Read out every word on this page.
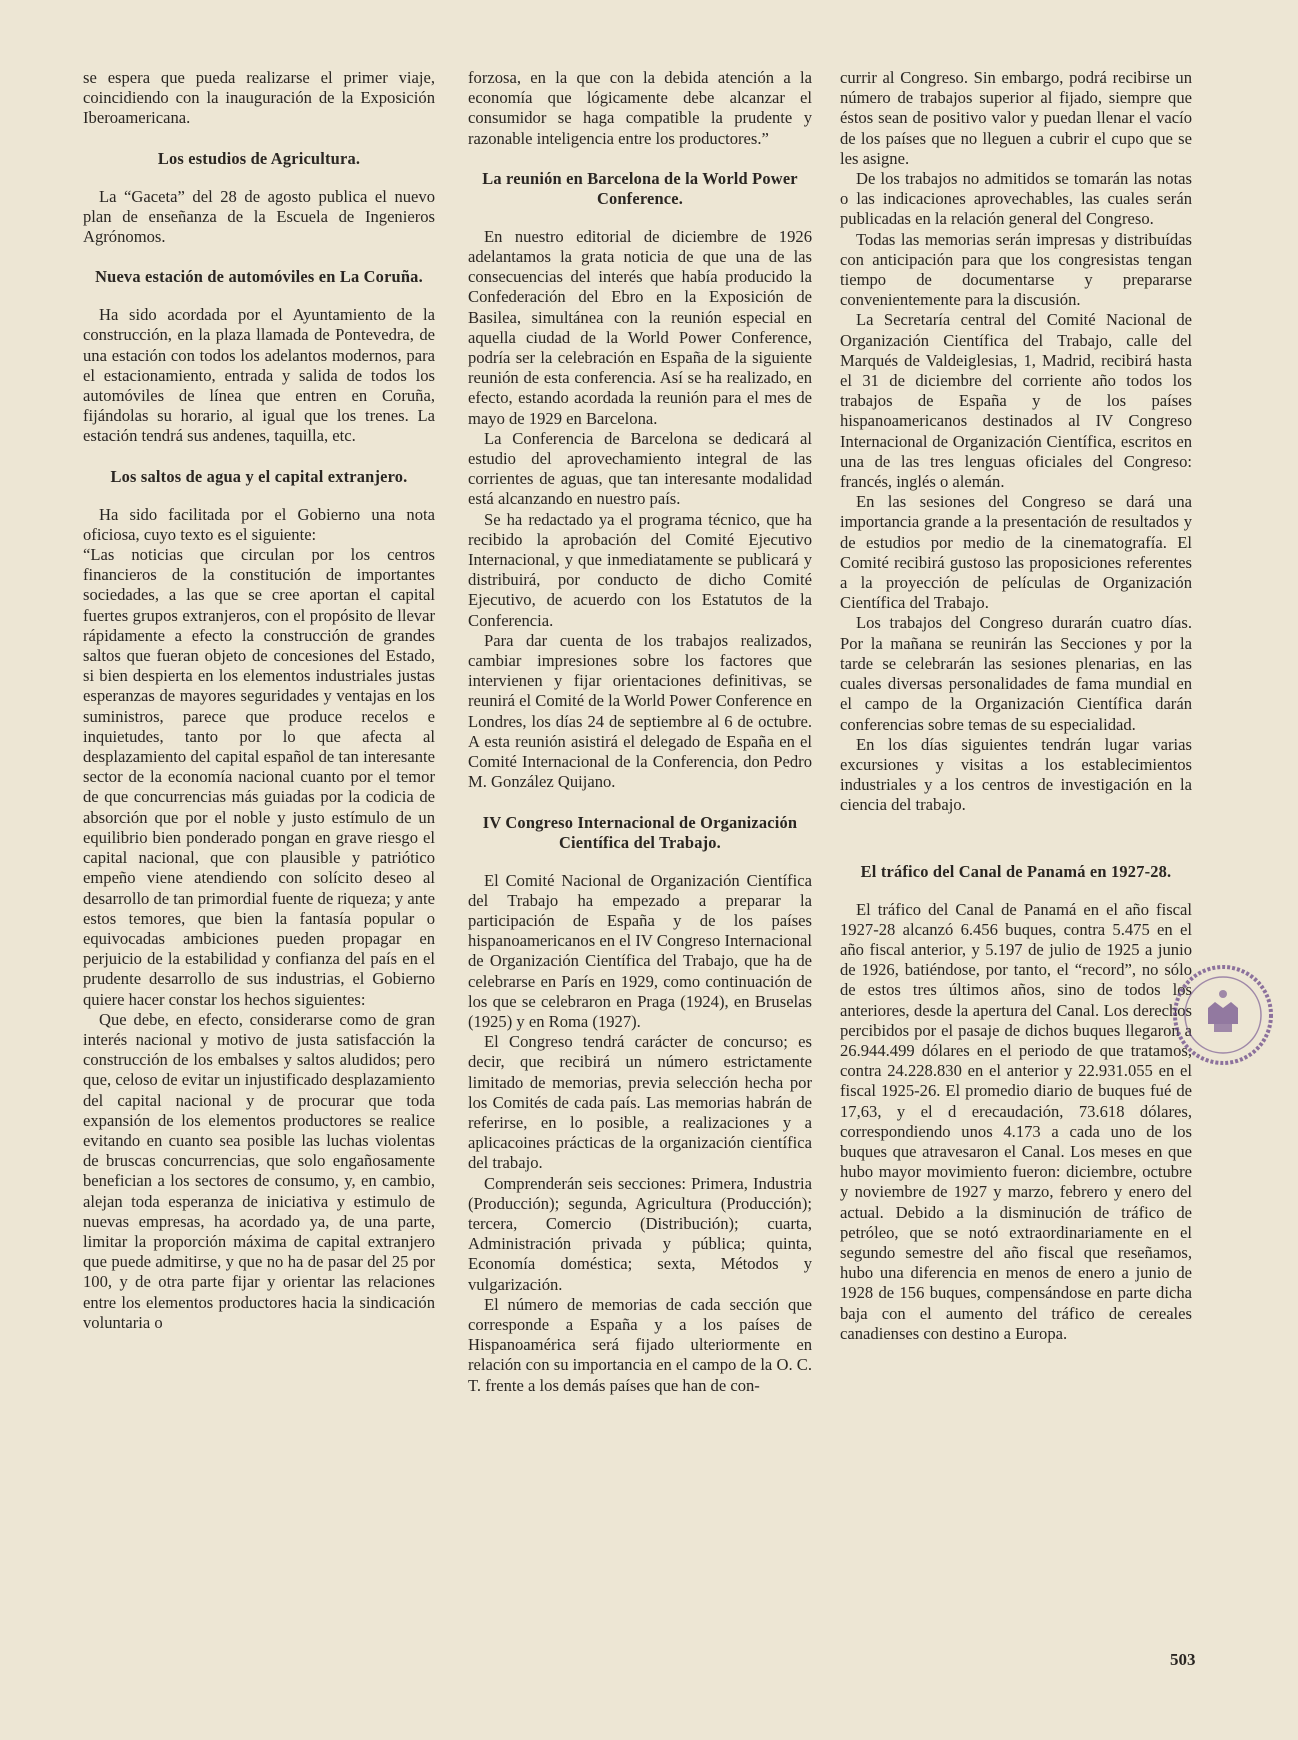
se espera que pueda realizarse el primer viaje, coincidiendo con la inauguración de la Exposición Iberoamericana.

Los estudios de Agricultura.

La “Gaceta” del 28 de agosto publica el nuevo plan de enseñanza de la Escuela de Ingenieros Agrónomos.

Nueva estación de automóviles en La Coruña.

Ha sido acordada por el Ayuntamiento de la construcción, en la plaza llamada de Pontevedra, de una estación con todos los adelantos modernos, para el estacionamiento, entrada y salida de todos los automóviles de línea que entren en Coruña, fijándolas su horario, al igual que los trenes. La estación tendrá sus andenes, taquilla, etc.

Los saltos de agua y el capital extranjero.

Ha sido facilitada por el Gobierno una nota oficiosa, cuyo texto es el siguiente:

“Las noticias que circulan por los centros financieros de la constitución de importantes sociedades, a las que se cree aportan el capital fuertes grupos extranjeros, con el propósito de llevar rápidamente a efecto la construcción de grandes saltos que fueran objeto de concesiones del Estado, si bien despierta en los elementos industriales justas esperanzas de mayores seguridades y ventajas en los suministros, parece que produce recelos e inquietudes, tanto por lo que afecta al desplazamiento del capital español de tan interesante sector de la economía nacional cuanto por el temor de que concurrencias más guiadas por la codicia de absorción que por el noble y justo estímulo de un equilibrio bien ponderado pongan en grave riesgo el capital nacional, que con plausible y patriótico empeño viene atendiendo con solícito deseo al desarrollo de tan primordial fuente de riqueza; y ante estos temores, que bien la fantasía popular o equivocadas ambiciones pueden propagar en perjuicio de la estabilidad y confianza del país en el prudente desarrollo de sus industrias, el Gobierno quiere hacer constar los hechos siguientes:

Que debe, en efecto, considerarse como de gran interés nacional y motivo de justa satisfacción la construcción de los embalses y saltos aludidos; pero que, celoso de evitar un injustificado desplazamiento del capital nacional y de procurar que toda expansión de los elementos productores se realice evitando en cuanto sea posible las luchas violentas de bruscas concurrencias, que solo engañosamente benefician a los sectores de consumo, y, en cambio, alejan toda esperanza de iniciativa y estimulo de nuevas empresas, ha acordado ya, de una parte, limitar la proporción máxima de capital extranjero que puede admitirse, y que no ha de pasar del 25 por 100, y de otra parte fijar y orientar las relaciones entre los elementos productores hacia la sindicación voluntaria o

forzosa, en la que con la debida atención a la economía que lógicamente debe alcanzar el consumidor se haga compatible la prudente y razonable inteligencia entre los productores.”

La reunión en Barcelona de la World Power Conference.

En nuestro editorial de diciembre de 1926 adelantamos la grata noticia de que una de las consecuencias del interés que había producido la Confederación del Ebro en la Exposición de Basilea, simultánea con la reunión especial en aquella ciudad de la World Power Conference, podría ser la celebración en España de la siguiente reunión de esta conferencia. Así se ha realizado, en efecto, estando acordada la reunión para el mes de mayo de 1929 en Barcelona.

La Conferencia de Barcelona se dedicará al estudio del aprovechamiento integral de las corrientes de aguas, que tan interesante modalidad está alcanzando en nuestro país.

Se ha redactado ya el programa técnico, que ha recibido la aprobación del Comité Ejecutivo Internacional, y que inmediatamente se publicará y distribuirá, por conducto de dicho Comité Ejecutivo, de acuerdo con los Estatutos de la Conferencia.

Para dar cuenta de los trabajos realizados, cambiar impresiones sobre los factores que intervienen y fijar orientaciones definitivas, se reunirá el Comité de la World Power Conference en Londres, los días 24 de septiembre al 6 de octubre. A esta reunión asistirá el delegado de España en el Comité Internacional de la Conferencia, don Pedro M. González Quijano.

IV Congreso Internacional de Organización Científica del Trabajo.

El Comité Nacional de Organización Científica del Trabajo ha empezado a preparar la participación de España y de los países hispanoamericanos en el IV Congreso Internacional de Organización Científica del Trabajo, que ha de celebrarse en París en 1929, como continuación de los que se celebraron en Praga (1924), en Bruselas (1925) y en Roma (1927).

El Congreso tendrá carácter de concurso; es decir, que recibirá un número estrictamente limitado de memorias, previa selección hecha por los Comités de cada país. Las memorias habrán de referirse, en lo posible, a realizaciones y a aplicacoines prácticas de la organización científica del trabajo.

Comprenderán seis secciones: Primera, Industria (Producción); segunda, Agricultura (Producción); tercera, Comercio (Distribución); cuarta, Administración privada y pública; quinta, Economía doméstica; sexta, Métodos y vulgarización.

El número de memorias de cada sección que corresponde a España y a los países de Hispanoamérica será fijado ulteriormente en relación con su importancia en el campo de la O. C. T. frente a los demás países que han de con-

currir al Congreso. Sin embargo, podrá recibirse un número de trabajos superior al fijado, siempre que éstos sean de positivo valor y puedan llenar el vacío de los países que no lleguen a cubrir el cupo que se les asigne.

De los trabajos no admitidos se tomarán las notas o las indicaciones aprovechables, las cuales serán publicadas en la relación general del Congreso.

Todas las memorias serán impresas y distribuídas con anticipación para que los congresistas tengan tiempo de documentarse y prepararse convenientemente para la discusión.

La Secretaría central del Comité Nacional de Organización Científica del Trabajo, calle del Marqués de Valdeiglesias, 1, Madrid, recibirá hasta el 31 de diciembre del corriente año todos los trabajos de España y de los países hispanoamericanos destinados al IV Congreso Internacional de Organización Científica, escritos en una de las tres lenguas oficiales del Congreso: francés, inglés o alemán.

En las sesiones del Congreso se dará una importancia grande a la presentación de resultados y de estudios por medio de la cinematografía. El Comité recibirá gustoso las proposiciones referentes a la proyección de películas de Organización Científica del Trabajo.

Los trabajos del Congreso durarán cuatro días. Por la mañana se reunirán las Secciones y por la tarde se celebrarán las sesiones plenarias, en las cuales diversas personalidades de fama mundial en el campo de la Organización Científica darán conferencias sobre temas de su especialidad.

En los días siguientes tendrán lugar varias excursiones y visitas a los establecimientos industriales y a los centros de investigación en la ciencia del trabajo.

El tráfico del Canal de Panamá en 1927-28.

El tráfico del Canal de Panamá en el año fiscal 1927-28 alcanzó 6.456 buques, contra 5.475 en el año fiscal anterior, y 5.197 de julio de 1925 a junio de 1926, batiéndose, por tanto, el “record”, no sólo de estos tres últimos años, sino de todos los anteriores, desde la apertura del Canal. Los derechos percibidos por el pasaje de dichos buques llegaron a 26.944.499 dólares en el periodo de que tratamos, contra 24.228.830 en el anterior y 22.931.055 en el fiscal 1925-26. El promedio diario de buques fué de 17,63, y el d erecaudación, 73.618 dólares, correspondiendo unos 4.173 a cada uno de los buques que atravesaron el Canal. Los meses en que hubo mayor movimiento fueron: diciembre, octubre y noviembre de 1927 y marzo, febrero y enero del actual. Debido a la disminución de tráfico de petróleo, que se notó extraordinariamente en el segundo semestre del año fiscal que reseñamos, hubo una diferencia en menos de enero a junio de 1928 de 156 buques, compensándose en parte dicha baja con el aumento del tráfico de cereales canadienses con destino a Europa.

503
